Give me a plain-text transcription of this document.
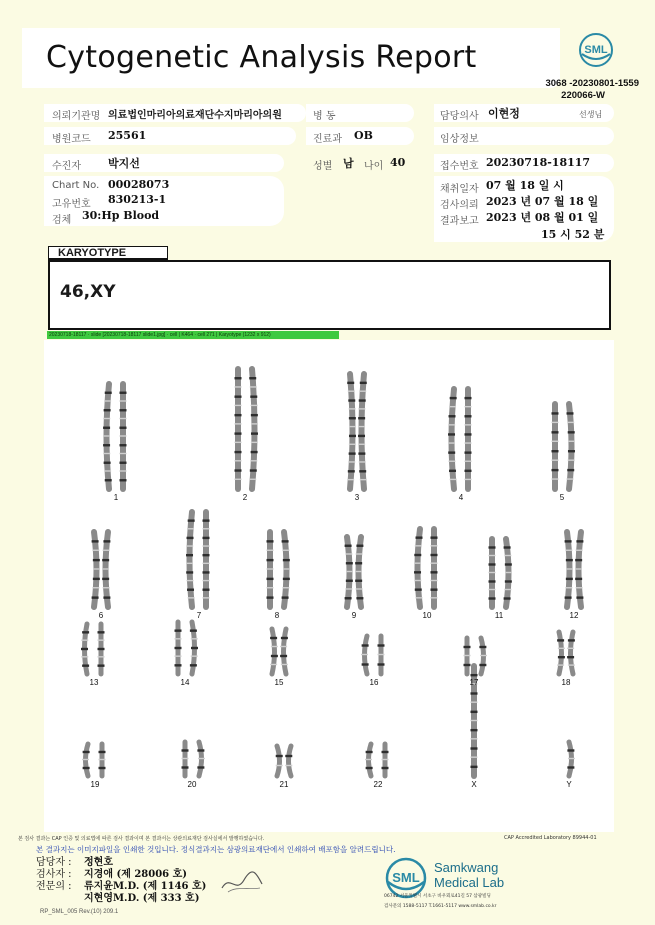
Cytogenetic Analysis Report	SML
3068 -20230801-1559
220066-W
의뢰기관명 의료법인마리아의료재단수지마리아의원	병 동	담당의사 이현정	선생님
병원코드 25561	진료과 OB	임상정보
수진자 박지선	성별 남 나이 40	접수번호 20230718-18117
Chart No. 00028073
고유번호 830213-1
검체 30:Hp Blood
채취일자 07 월 18 일 시
검사의뢰 2023 년 07 월 18 일
결과보고 2023 년 08 월 01 일
15 시 52 분
KARYOTYPE
46,XY
20230718-18117 · slide [20230718-18117 slide1.jpg] · cell | K464 · cell 271 | Karyotype (1232 x 912)
1	2	3	4	5
6	7	8	9	10	11	12
13	14	15	16	17	18
19	20	21	22	X	Y
본 검사 결과는 CAP 인증 및 의료법에 따른 검사 결과이며 본 결과서는 상관의료재단 검사실에서 발행하였습니다.	CAP Accredited Laboratory 89944-01
본 결과지는 이미지파일을 인쇄한 것입니다. 정식결과지는 삼광의료재단에서 인쇄하여 배포함을 알려드립니다.
담당자 : 정현호
검사자 : 지경애 (제 28006 호)
전문의 : 류지윤M.D. (제 1146 호)
지현영M.D. (제 333 호)
RP_SML_005 Rev.(10) 209.1
SML
Samkwang
Medical Lab
06742 서울특별시 서초구 바우뫼로41길 57 삼광빌딩
검사문의 1588-5117 T.1661-5117 www.smlab.co.kr
